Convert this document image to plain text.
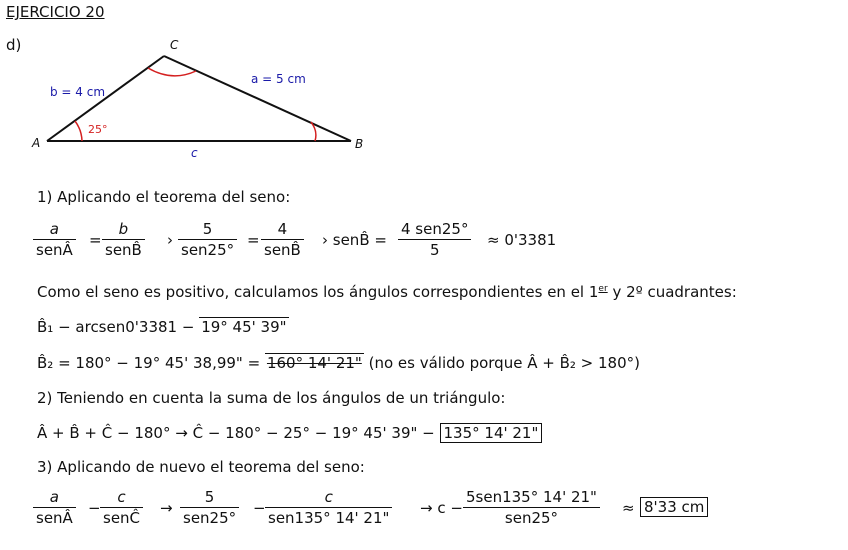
EJERCICIO 20
d)
A	B
C
b = 4 cm
a = 5 cm
c
25°
1) Aplicando el teorema del seno:
a
senÂ
=
b
senB̂
›
5
sen25°
=
4
senB̂
› senB̂ =
4 sen25°
5
≈ 0'3381
Como el seno es positivo, calculamos los ángulos correspondientes en el 1er y 2º cuadrantes:
B̂₁ − arcsen0'3381 − 19° 45' 39"
B̂₂ = 180° − 19° 45' 38,99" = 160° 14' 21" (no es válido porque Â + B̂₂ > 180°)
2) Teniendo en cuenta la suma de los ángulos de un triángulo:
Â + B̂ + Ĉ − 180° → Ĉ − 180° − 25° − 19° 45' 39" − 135° 14' 21"
3) Aplicando de nuevo el teorema del seno:
a
senÂ
−
c
senĈ
→
5
sen25°
−
c
sen135° 14' 21"
→ c −
5sen135° 14' 21"
sen25°
≈ 8'33 cm
